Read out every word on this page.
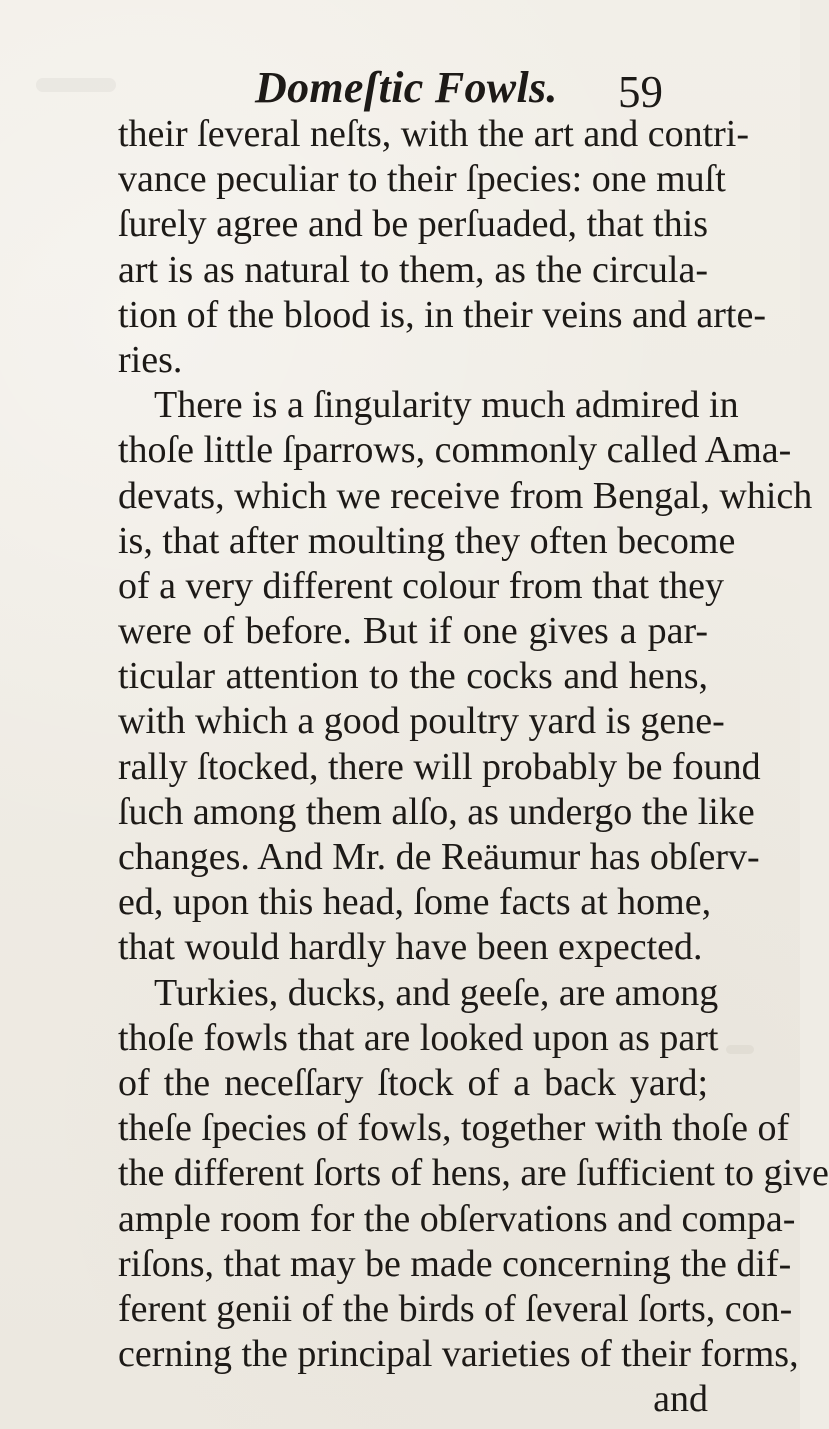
Domeſtic Fowls. 59
their ſeveral neſts, with the art and contri-
vance peculiar to their ſpecies: one muſt
ſurely agree and be perſuaded, that this
art is as natural to them, as the circula-
tion of the blood is, in their veins and arte-
ries.
There is a ſingularity much admired in
thoſe little ſparrows, commonly called Ama-
devats, which we receive from Bengal, which
is, that after moulting they often become
of a very different colour from that they
were of before. But if one gives a par-
ticular attention to the cocks and hens,
with which a good poultry yard is gene-
rally ſtocked, there will probably be found
ſuch among them alſo, as undergo the like
changes. And Mr. de Reäumur has obſerv-
ed, upon this head, ſome facts at home,
that would hardly have been expected.
Turkies, ducks, and geeſe, are among
thoſe fowls that are looked upon as part
of the neceſſary ſtock of a back yard;
theſe ſpecies of fowls, together with thoſe of
the different ſorts of hens, are ſufficient to give
ample room for the obſervations and compa-
riſons, that may be made concerning the dif-
ferent genii of the birds of ſeveral ſorts, con-
cerning the principal varieties of their forms,
and
